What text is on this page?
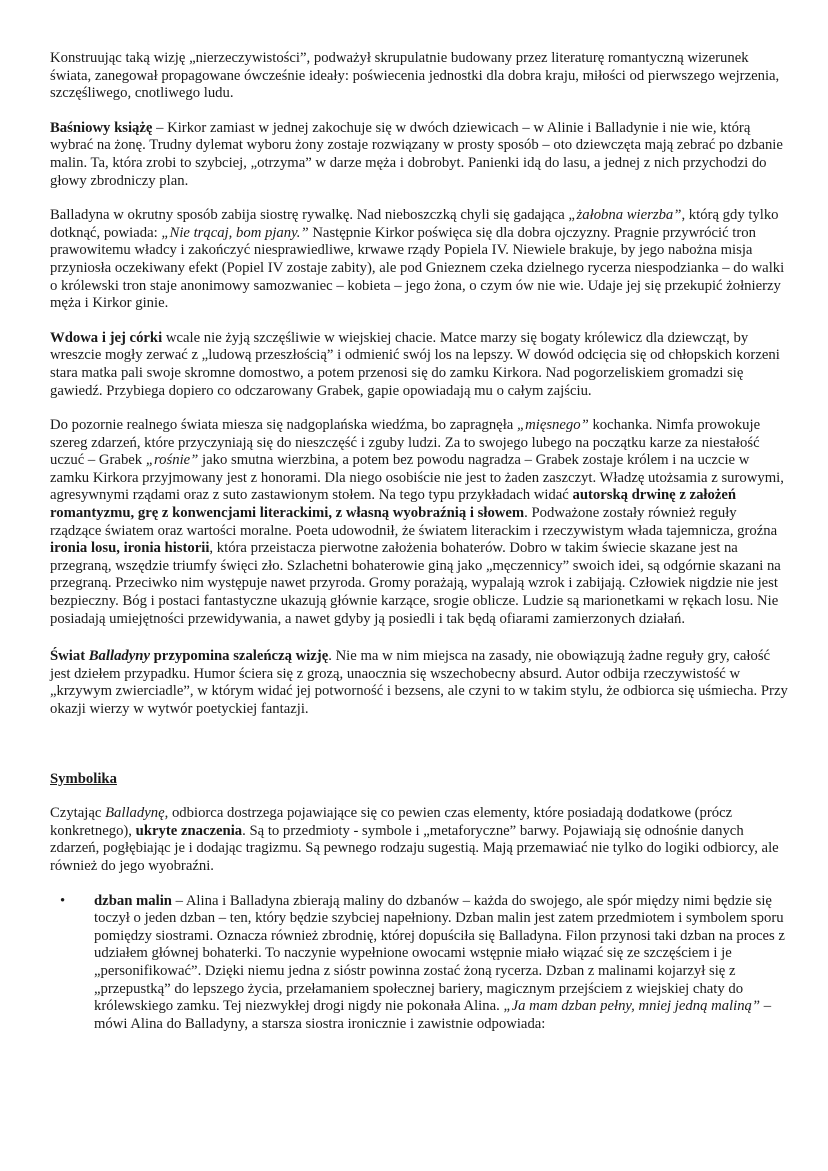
Konstruując taką wizję „nierzeczywistości”, podważył skrupulatnie budowany przez literaturę romantyczną wizerunek świata, zanegował propagowane ówcześnie ideały: poświecenia jednostki dla dobra kraju, miłości od pierwszego wejrzenia, szczęśliwego, cnotliwego ludu.

Baśniowy książę – Kirkor zamiast w jednej zakochuje się w dwóch dziewicach – w Alinie i Balladynie i nie wie, którą wybrać na żonę. Trudny dylemat wyboru żony zostaje rozwiązany w prosty sposób – oto dziewczęta mają zebrać po dzbanie malin. Ta, która zrobi to szybciej, „otrzyma” w darze męża i dobrobyt. Panienki idą do lasu, a jednej z nich przychodzi do głowy zbrodniczy plan.

Balladyna w okrutny sposób zabija siostrę rywalkę. Nad nieboszczką chyli się gadająca „żałobna wierzba”, którą gdy tylko dotknąć, powiada: „Nie trącaj, bom pjany.” Następnie Kirkor poświęca się dla dobra ojczyzny. Pragnie przywrócić tron prawowitemu władcy i zakończyć niesprawiedliwe, krwawe rządy Popiela IV. Niewiele brakuje, by jego nabożna misja przyniosła oczekiwany efekt (Popiel IV zostaje zabity), ale pod Gnieznem czeka dzielnego rycerza niespodzianka – do walki o królewski tron staje anonimowy samozwaniec – kobieta – jego żona, o czym ów nie wie. Udaje jej się przekupić żołnierzy męża i Kirkor ginie.

Wdowa i jej córki wcale nie żyją szczęśliwie w wiejskiej chacie. Matce marzy się bogaty królewicz dla dziewcząt, by wreszcie mogły zerwać z „ludową przeszłością” i odmienić swój los na lepszy. W dowód odcięcia się od chłopskich korzeni stara matka pali swoje skromne domostwo, a potem przenosi się do zamku Kirkora. Nad pogorzeliskiem gromadzi się gawiedź. Przybiega dopiero co odczarowany Grabek, gapie opowiadają mu o całym zajściu.

Do pozornie realnego świata miesza się nadgoplańska wiedźma, bo zapragnęła „mięsnego” kochanka. Nimfa prowokuje szereg zdarzeń, które przyczyniają się do nieszczęść i zguby ludzi. Za to swojego lubego na początku karze za niestałość uczuć – Grabek „rośnie” jako smutna wierzbina, a potem bez powodu nagradza – Grabek zostaje królem i na uczcie w zamku Kirkora przyjmowany jest z honorami. Dla niego osobiście nie jest to żaden zaszczyt. Władzę utożsamia z surowymi, agresywnymi rządami oraz z suto zastawionym stołem. Na tego typu przykładach widać autorską drwinę z założeń romantyzmu, grę z konwencjami literackimi, z własną wyobraźnią i słowem. Podważone zostały również reguły rządzące światem oraz wartości moralne. Poeta udowodnił, że światem literackim i rzeczywistym włada tajemnicza, groźna ironia losu, ironia historii, która przeistacza pierwotne założenia bohaterów. Dobro w takim świecie skazane jest na przegraną, wszędzie triumfy święci zło. Szlachetni bohaterowie giną jako „męczennicy” swoich idei, są odgórnie skazani na przegraną. Przeciwko nim występuje nawet przyroda. Gromy porażają, wypalają wzrok i zabijają. Człowiek nigdzie nie jest bezpieczny. Bóg i postaci fantastyczne ukazują głównie karzące, srogie oblicze. Ludzie są marionetkami w rękach losu. Nie posiadają umiejętności przewidywania, a nawet gdyby ją posiedli i tak będą ofiarami zamierzonych działań.

Świat Balladyny przypomina szaleńczą wizję. Nie ma w nim miejsca na zasady, nie obowiązują żadne reguły gry, całość jest dziełem przypadku. Humor ściera się z grozą, unaocznia się wszechobecny absurd. Autor odbija rzeczywistość w „krzywym zwierciadle”, w którym widać jej potworność i bezsens, ale czyni to w takim stylu, że odbiorca się uśmiecha. Przy okazji wierzy w wytwór poetyckiej fantazji.

Symbolika

Czytając Balladynę, odbiorca dostrzega pojawiające się co pewien czas elementy, które posiadają dodatkowe (prócz konkretnego), ukryte znaczenia. Są to przedmioty - symbole i „metaforyczne” barwy. Pojawiają się odnośnie danych zdarzeń, pogłębiając je i dodając tragizmu. Są pewnego rodzaju sugestią. Mają przemawiać nie tylko do logiki odbiorcy, ale również do jego wyobraźni.

• dzban malin – Alina i Balladyna zbierają maliny do dzbanów – każda do swojego, ale spór między nimi będzie się toczył o jeden dzban – ten, który będzie szybciej napełniony. Dzban malin jest zatem przedmiotem i symbolem sporu pomiędzy siostrami. Oznacza również zbrodnię, której dopuściła się Balladyna. Filon przynosi taki dzban na proces z udziałem głównej bohaterki. To naczynie wypełnione owocami wstępnie miało wiązać się ze szczęściem i je „personifikować”. Dzięki niemu jedna z sióstr powinna zostać żoną rycerza. Dzban z malinami kojarzył się z „przepustką” do lepszego życia, przełamaniem społecznej bariery, magicznym przejściem z wiejskiej chaty do królewskiego zamku. Tej niezwykłej drogi nigdy nie pokonała Alina. „Ja mam dzban pełny, mniej jedną maliną” – mówi Alina do Balladyny, a starsza siostra ironicznie i zawistnie odpowiada:
